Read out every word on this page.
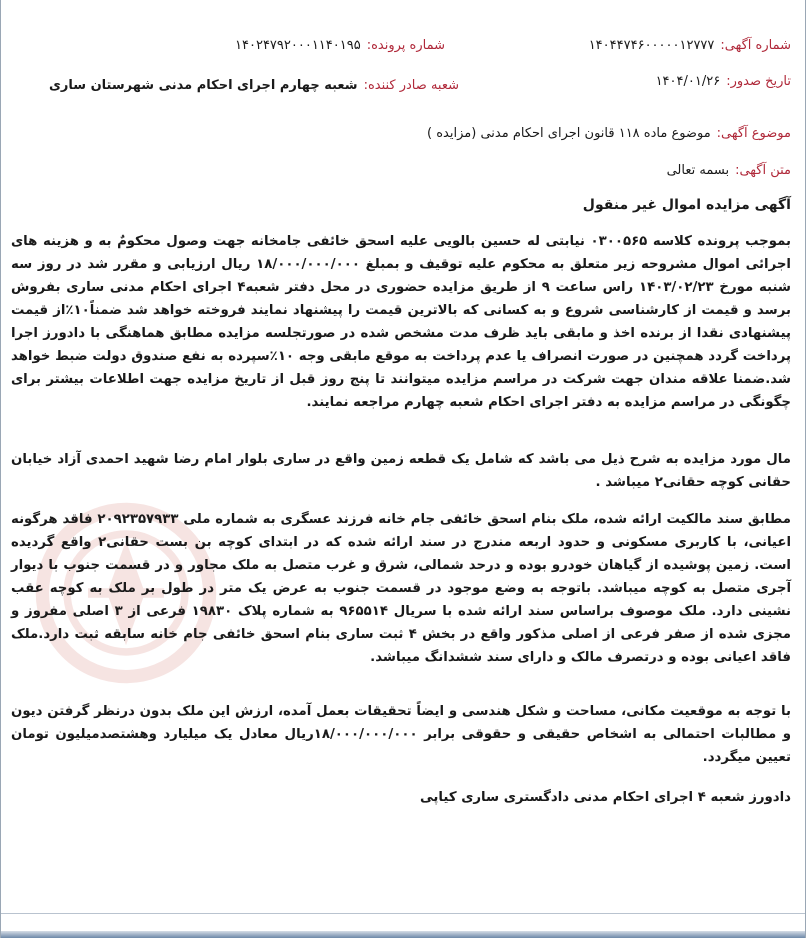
شماره آگهی:
۱۴۰۴۴۷۴۶۰۰۰۰۰۱۲۷۷۷
شماره پرونده:
۱۴۰۲۴۷۹۲۰۰۰۱۱۴۰۱۹۵
تاریخ صدور:
۱۴۰۴/۰۱/۲۶
شعبه صادر کننده:
شعبه چهارم اجرای احکام مدنی شهرستان ساری
موضوع آگهی:
موضوع ماده ۱۱۸ قانون اجرای احکام مدنی (مزایده )
متن آگهی:
بسمه تعالی
آگهی مزایده اموال غیر منقول

بموجب پرونده کلاسه ۰۳۰۰۵۶۵ نیابتی له حسین بالویی علیه اسحق خائفی جامخانه جهت وصول محکومٌ به و هزینه های اجرائی اموال مشروحه زیر متعلق به محکوم علیه توقیف و بمبلغ ۱۸/۰۰۰/۰۰۰/۰۰۰ ریال ارزیابی و مقرر شد در روز سه شنبه مورخ ۱۴۰۳/۰۲/۲۳ راس ساعت ۹ از طریق مزایده حضوری در محل دفتر شعبه۴ اجرای احکام مدنی ساری بفروش برسد و قیمت از کارشناسی شروع و به کسانی که بالاترین قیمت را پیشنهاد نمایند فروخته خواهد شد ضمناً۱۰٪از قیمت پیشنهادی نقدا از برنده اخذ و مابقی باید ظرف مدت مشخص شده در صورتجلسه مزایده مطابق هماهنگی با دادورز اجرا پرداخت گردد همچنین در صورت انصراف یا عدم پرداخت به موقع مابقی وجه ۱۰٪سپرده به نفع صندوق دولت ضبط خواهد شد.ضمنا علاقه مندان جهت شرکت در مراسم مزایده میتوانند تا پنج روز قبل از تاریخ مزایده جهت اطلاعات بیشتر برای چگونگی در مراسم مزایده به دفتر اجرای احکام شعبه چهارم مراجعه نمایند.

مال مورد مزایده به شرح ذیل می باشد که شامل یک قطعه زمین واقع در ساری بلوار امام رضا شهید احمدی آزاد خیابان حقانی کوچه حقانی۲ میباشد .

مطابق سند مالکیت ارائه شده، ملک بنام اسحق خائفی جام خانه فرزند عسگری به شماره ملی ۲۰۹۲۳۵۷۹۳۳ فاقد هرگونه اعیانی، با کاربری مسکونی و حدود اربعه مندرج در سند ارائه شده که در ابتدای کوچه بن بست حقانی۲ واقع گردیده است. زمین پوشیده از گیاهان خودرو بوده و درحد شمالی، شرق و غرب متصل به ملک مجاور و در قسمت جنوب با دیوار آجری متصل به کوچه میباشد. باتوجه به وضع موجود در قسمت جنوب به عرض یک متر در طول بر ملک به کوچه عقب نشینی دارد. ملک موصوف براساس سند ارائه شده با سریال ۹۶۵۵۱۴ به شماره پلاک ۱۹۸۳۰ فرعی از ۳ اصلی مفروز و مجزی شده از صفر فرعی از اصلی مذکور واقع در بخش ۴ ثبت ساری بنام اسحق خائفی جام خانه سابقه ثبت دارد.ملک فاقد اعیانی بوده و درتصرف مالک و دارای سند ششدانگ میباشد.

با توجه به موقعیت مکانی، مساحت و شکل هندسی و ایضاً تحقیقات بعمل آمده، ارزش این ملک بدون درنظر گرفتن دیون و مطالبات احتمالی به اشخاص حقیقی و حقوقی برابر ۱۸/۰۰۰/۰۰۰/۰۰۰ریال معادل یک میلیارد وهشتصدمیلیون تومان تعیین میگردد.

دادورز شعبه ۴ اجرای احکام مدنی دادگستری ساری کیاپی
